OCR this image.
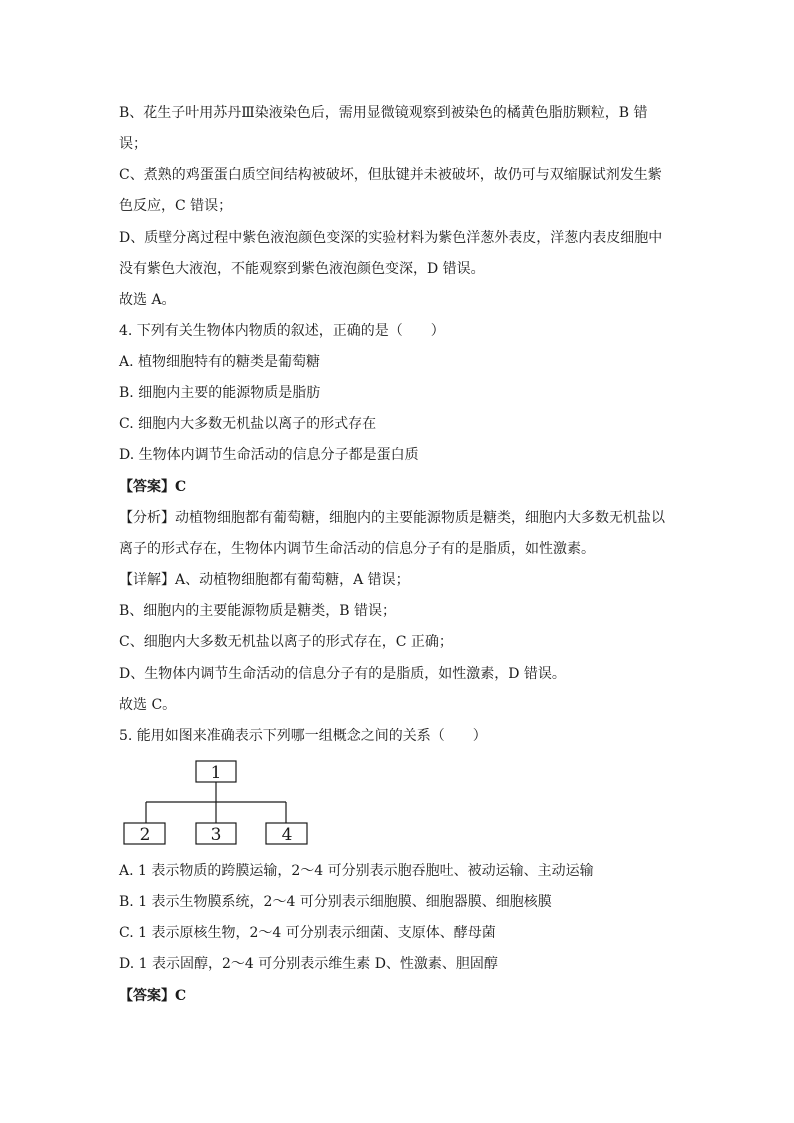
B、花生子叶用苏丹Ⅲ染液染色后，需用显微镜观察到被染色的橘黄色脂肪颗粒，B 错
误；
C、煮熟的鸡蛋蛋白质空间结构被破坏，但肽键并未被破坏，故仍可与双缩脲试剂发生紫
色反应，C 错误；
D、质壁分离过程中紫色液泡颜色变深的实验材料为紫色洋葱外表皮，洋葱内表皮细胞中
没有紫色大液泡，不能观察到紫色液泡颜色变深，D 错误。
故选 A。
4. 下列有关生物体内物质的叙述，正确的是（　　）
A. 植物细胞特有的糖类是葡萄糖
B. 细胞内主要的能源物质是脂肪
C. 细胞内大多数无机盐以离子的形式存在
D. 生物体内调节生命活动的信息分子都是蛋白质
【答案】C
【分析】动植物细胞都有葡萄糖，细胞内的主要能源物质是糖类，细胞内大多数无机盐以
离子的形式存在，生物体内调节生命活动的信息分子有的是脂质，如性激素。
【详解】A、动植物细胞都有葡萄糖，A 错误；
B、细胞内的主要能源物质是糖类，B 错误；
C、细胞内大多数无机盐以离子的形式存在，C 正确；
D、生物体内调节生命活动的信息分子有的是脂质，如性激素，D 错误。
故选 C。
5. 能用如图来准确表示下列哪一组概念之间的关系（　　）
1
2	3	4
A. 1 表示物质的跨膜运输，2～4 可分别表示胞吞胞吐、被动运输、主动运输
B. 1 表示生物膜系统，2～4 可分别表示细胞膜、细胞器膜、细胞核膜
C. 1 表示原核生物，2～4 可分别表示细菌、支原体、酵母菌
D. 1 表示固醇，2～4 可分别表示维生素 D、性激素、胆固醇
【答案】C
